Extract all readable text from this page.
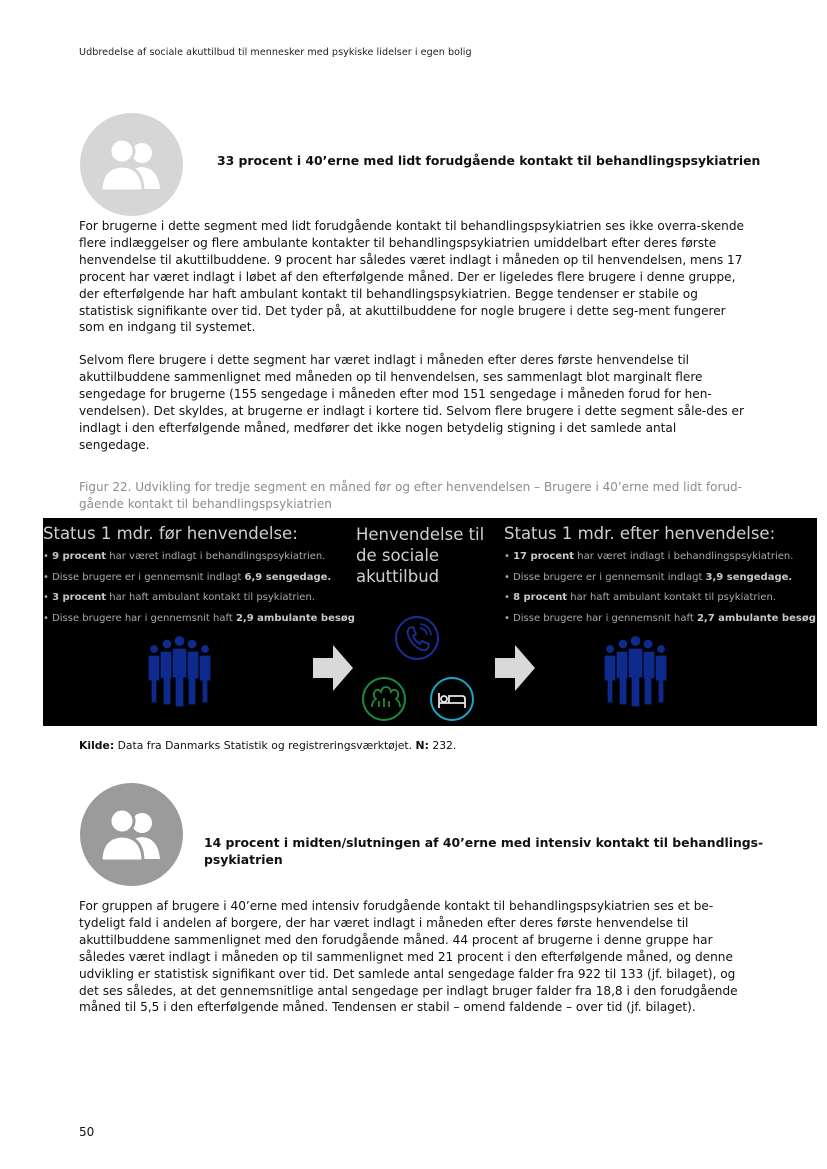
Udbredelse af sociale akuttilbud til mennesker med psykiske lidelser i egen bolig
33 procent i 40’erne med lidt forudgående kontakt til behandlingspsykiatrien

For brugerne i dette segment med lidt forudgående kontakt til behandlingspsykiatrien ses ikke overra-skende flere indlæggelser og flere ambulante kontakter til behandlingspsykiatrien umiddelbart efter deres første henvendelse til akuttilbuddene. 9 procent har således været indlagt i måneden op til henvendelsen, mens 17 procent har været indlagt i løbet af den efterfølgende måned. Der er ligeledes flere brugere i denne gruppe, der efterfølgende har haft ambulant kontakt til behandlingspsykiatrien. Begge tendenser er stabile og statistisk signifikante over tid. Det tyder på, at akuttilbuddene for nogle brugere i dette seg-ment fungerer som en indgang til systemet.

Selvom flere brugere i dette segment har været indlagt i måneden efter deres første henvendelse til akuttilbuddene sammenlignet med måneden op til henvendelsen, ses sammenlagt blot marginalt flere sengedage for brugerne (155 sengedage i måneden efter mod 151 sengedage i måneden forud for hen-vendelsen). Det skyldes, at brugerne er indlagt i kortere tid. Selvom flere brugere i dette segment såle-des er indlagt i den efterfølgende måned, medfører det ikke nogen betydelig stigning i det samlede antal sengedage.

Figur 22. Udvikling for tredje segment en måned før og efter henvendelsen – Brugere i 40’erne med lidt forud-gående kontakt til behandlingspsykiatrien
Status 1 mdr. før henvendelse:
• 9 procent har været indlagt i behandlingspsykiatrien.
• Disse brugere er i gennemsnit indlagt 6,9 sengedage.
• 3 procent har haft ambulant kontakt til psykiatrien.
• Disse brugere har i gennemsnit haft 2,9 ambulante besøg
Henvendelse til de sociale akuttilbud
Status 1 mdr. efter henvendelse:
• 17 procent har været indlagt i behandlingspsykiatrien.
• Disse brugere er i gennemsnit indlagt 3,9 sengedage.
• 8 procent har haft ambulant kontakt til psykiatrien.
• Disse brugere har i gennemsnit haft 2,7 ambulante besøg
Kilde: Data fra Danmarks Statistik og registreringsværktøjet. N: 232.
14 procent i midten/slutningen af 40’erne med intensiv kontakt til behandlings-psykiatrien

For gruppen af brugere i 40’erne med intensiv forudgående kontakt til behandlingspsykiatrien ses et be-tydeligt fald i andelen af borgere, der har været indlagt i måneden efter deres første henvendelse til akuttilbuddene sammenlignet med den forudgående måned. 44 procent af brugerne i denne gruppe har således været indlagt i måneden op til sammenlignet med 21 procent i den efterfølgende måned, og denne udvikling er statistisk signifikant over tid. Det samlede antal sengedage falder fra 922 til 133 (jf. bilaget), og det ses således, at det gennemsnitlige antal sengedage per indlagt bruger falder fra 18,8 i den forudgående måned til 5,5 i den efterfølgende måned. Tendensen er stabil – omend faldende – over tid (jf. bilaget).

50
